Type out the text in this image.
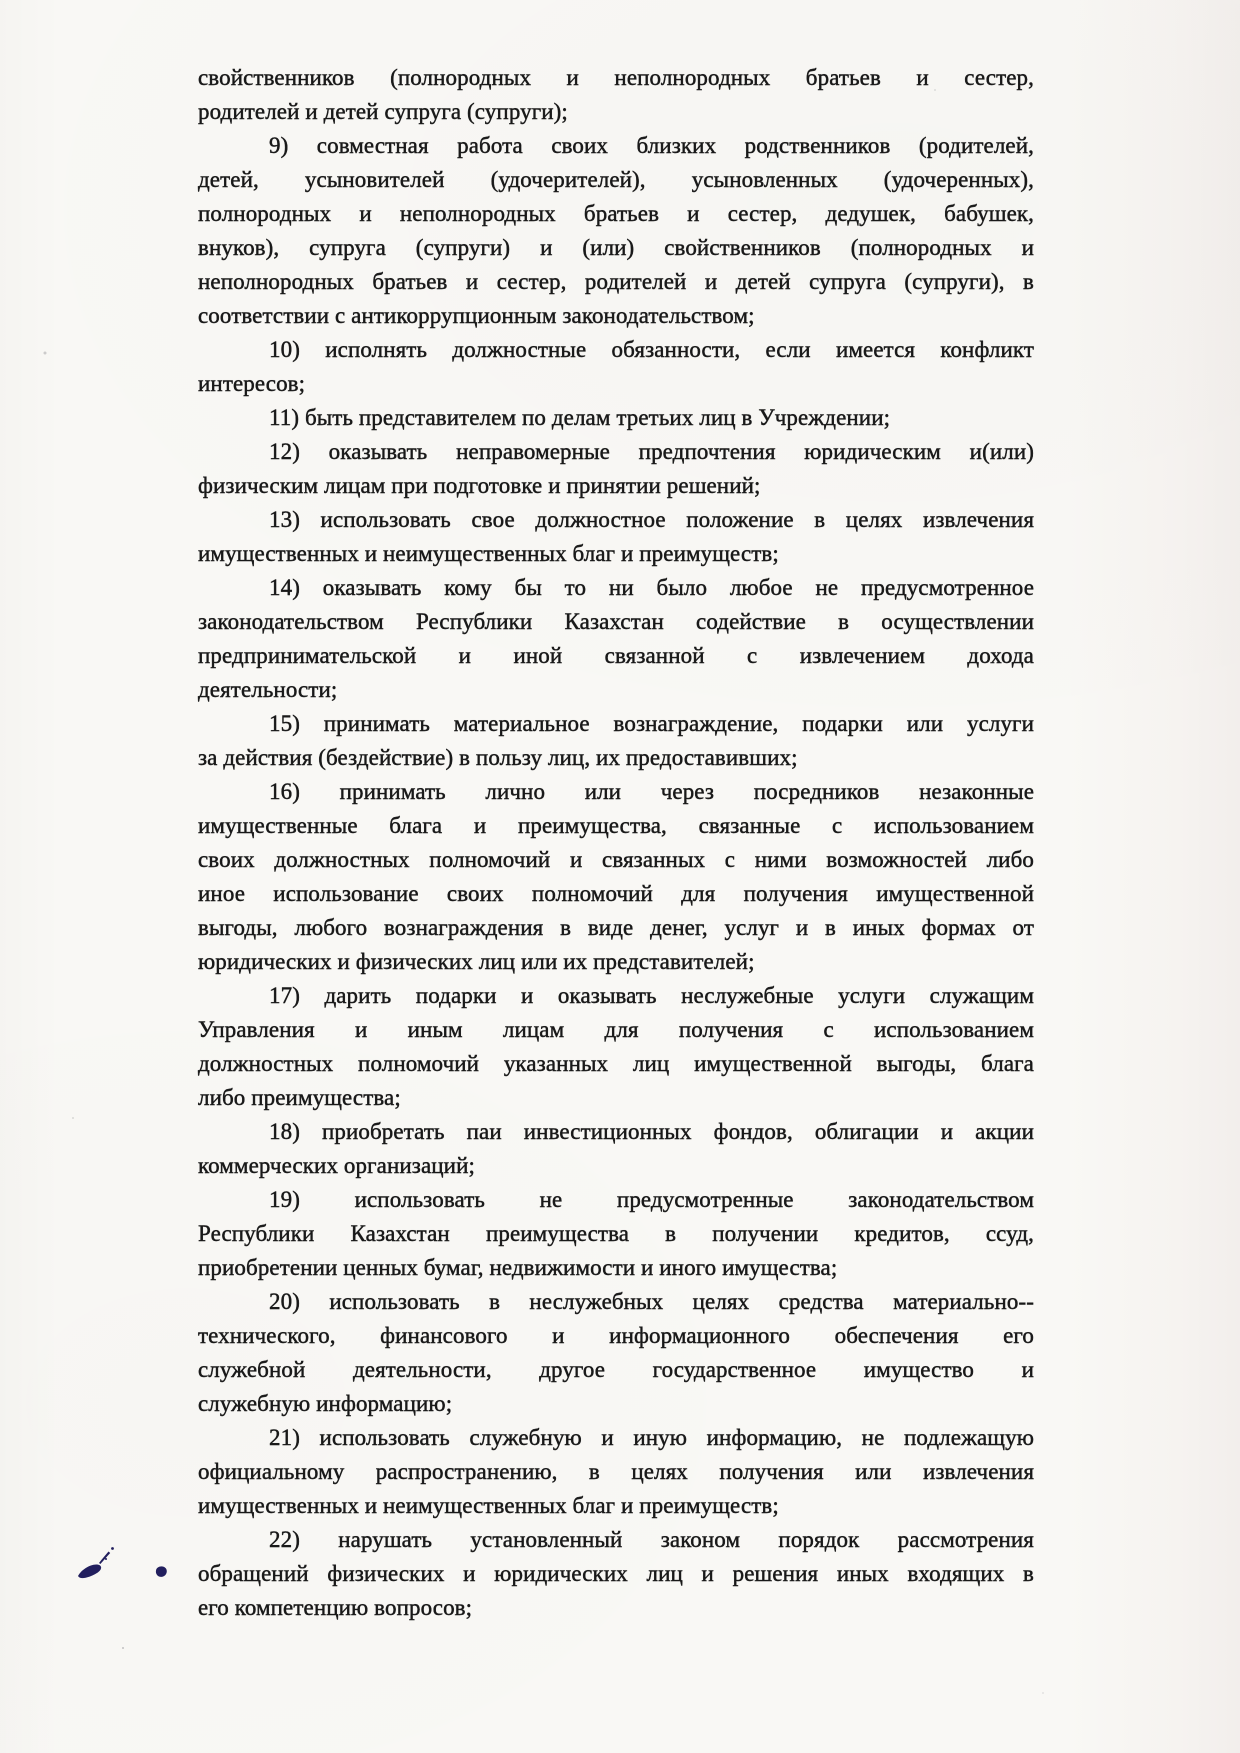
свойственников (полнородных и неполнородных братьев и сестер,
родителей и детей супруга (супруги);
9) совместная работа своих близких родственников (родителей,
детей, усыновителей (удочерителей), усыновленных (удочеренных),
полнородных и неполнородных братьев и сестер, дедушек, бабушек,
внуков), супруга (супруги) и (или) свойственников (полнородных и
неполнородных братьев и сестер, родителей и детей супруга (супруги), в
соответствии с антикоррупционным законодательством;
10) исполнять должностные обязанности, если имеется конфликт
интересов;
11) быть представителем по делам третьих лиц в Учреждении;
12) оказывать неправомерные предпочтения юридическим и(или)
физическим лицам при подготовке и принятии решений;
13) использовать свое должностное положение в целях извлечения
имущественных и неимущественных благ и преимуществ;
14) оказывать кому бы то ни было любое не предусмотренное
законодательством Республики Казахстан содействие в осуществлении
предпринимательской и иной связанной с извлечением дохода
деятельности;
15) принимать материальное вознаграждение, подарки или услуги
за действия (бездействие) в пользу лиц, их предоставивших;
16) принимать лично или через посредников незаконные
имущественные блага и преимущества, связанные с использованием
своих должностных полномочий и связанных с ними возможностей либо
иное использование своих полномочий для получения имущественной
выгоды, любого вознаграждения в виде денег, услуг и в иных формах от
юридических и физических лиц или их представителей;
17) дарить подарки и оказывать неслужебные услуги служащим
Управления и иным лицам для получения с использованием
должностных полномочий указанных лиц имущественной выгоды, блага
либо преимущества;
18) приобретать паи инвестиционных фондов, облигации и акции
коммерческих организаций;
19) использовать не предусмотренные законодательством
Республики Казахстан преимущества в получении кредитов, ссуд,
приобретении ценных бумаг, недвижимости и иного имущества;
20) использовать в неслужебных целях средства материально--
технического, финансового и информационного обеспечения его
служебной деятельности, другое государственное имущество и
служебную информацию;
21) использовать служебную и иную информацию, не подлежащую
официальному распространению, в целях получения или извлечения
имущественных и неимущественных благ и преимуществ;
22) нарушать установленный законом порядок рассмотрения
обращений физических и юридических лиц и решения иных входящих в
его компетенцию вопросов;
